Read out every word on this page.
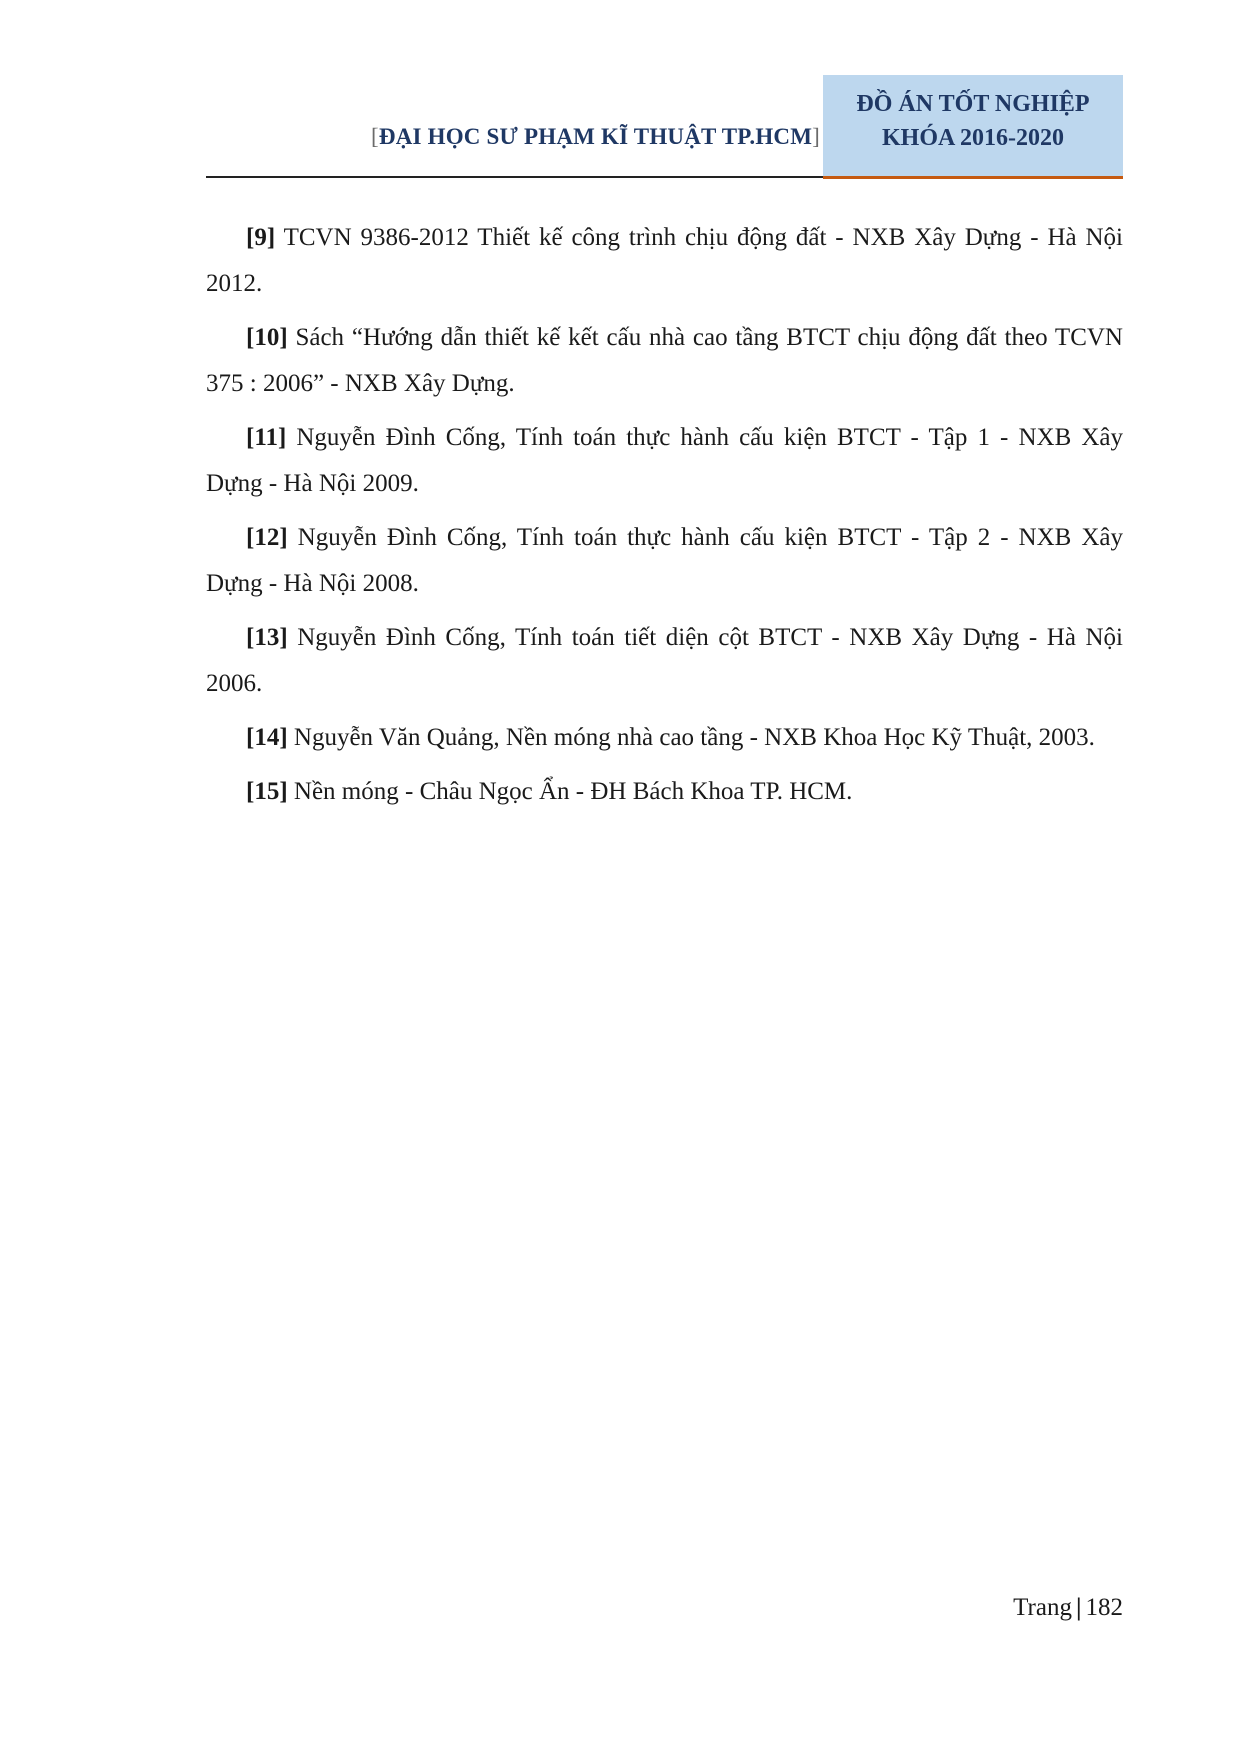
[ĐẠI HỌC SƯ PHẠM KĨ THUẬT TP.HCM]
ĐỒ ÁN TỐT NGHIỆP
KHÓA 2016-2020
[9] TCVN 9386-2012 Thiết kế công trình chịu động đất - NXB Xây Dựng - Hà Nội 2012.
[10] Sách “Hướng dẫn thiết kế kết cấu nhà cao tầng BTCT chịu động đất theo TCVN 375 : 2006” - NXB Xây Dựng.
[11] Nguyễn Đình Cống, Tính toán thực hành cấu kiện BTCT - Tập 1 - NXB Xây Dựng - Hà Nội 2009.
[12] Nguyễn Đình Cống, Tính toán thực hành cấu kiện BTCT - Tập 2 - NXB Xây Dựng - Hà Nội 2008.
[13] Nguyễn Đình Cống, Tính toán tiết diện cột BTCT - NXB Xây Dựng - Hà Nội 2006.
[14] Nguyễn Văn Quảng, Nền móng nhà cao tầng - NXB Khoa Học Kỹ Thuật, 2003.
[15] Nền móng - Châu Ngọc Ẩn - ĐH Bách Khoa TP. HCM.
Trang | 182
